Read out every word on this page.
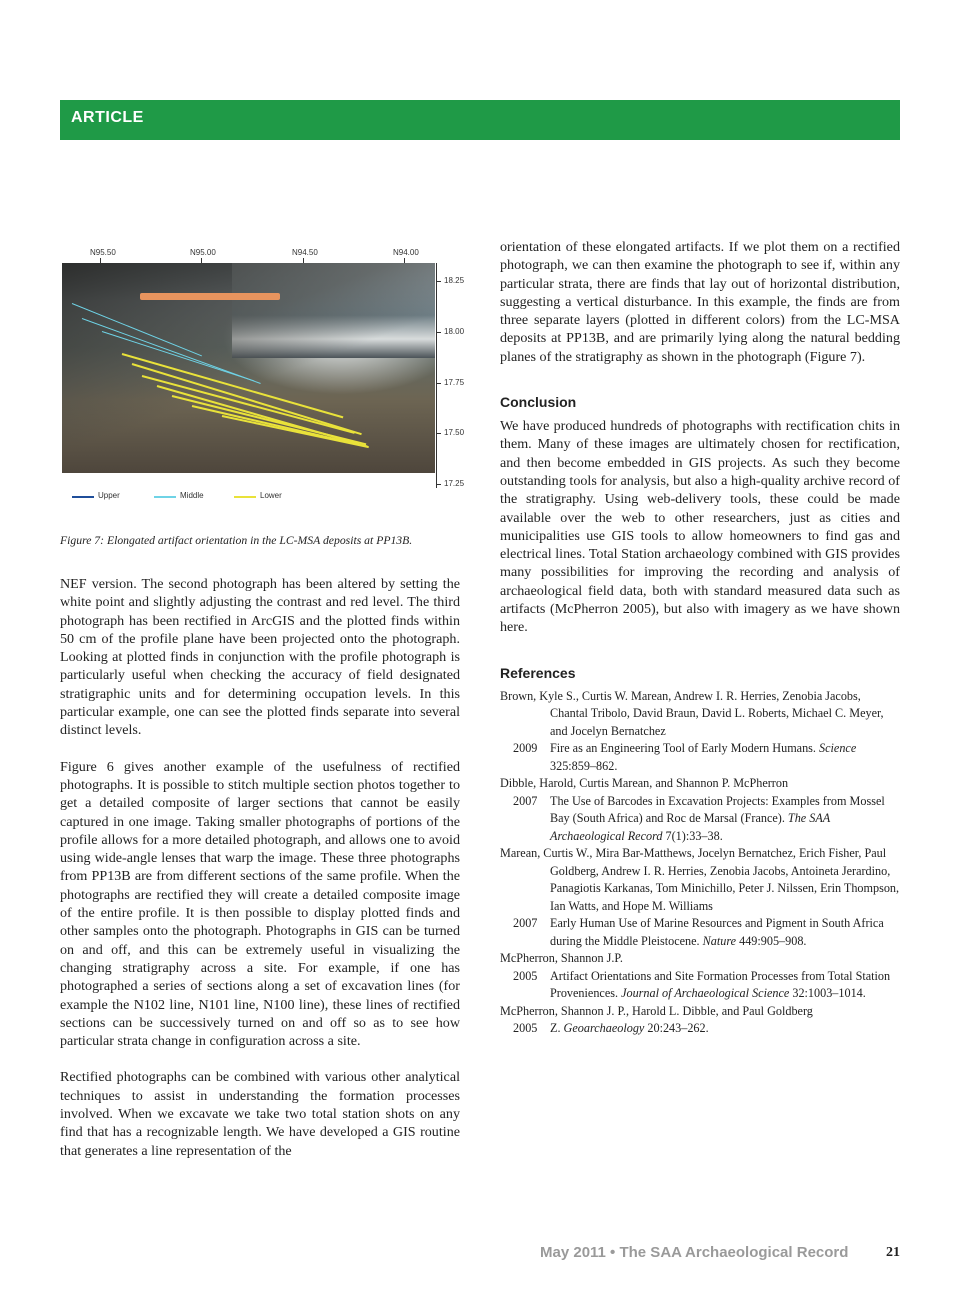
ARTICLE
N95.50	N95.00	N94.50	N94.00
18.25
18.00
17.75
17.50
17.25
Upper	Middle	Lower
Figure 7: Elongated artifact orientation in the LC-MSA deposits at PP13B.

NEF version. The second photograph has been altered by setting the white point and slightly adjusting the contrast and red level. The third photograph has been rectified in ArcGIS and the plotted finds within 50 cm of the profile plane have been projected onto the photograph. Looking at plotted finds in conjunction with the profile photograph is particularly useful when checking the accuracy of field designated stratigraphic units and for determining occupation levels. In this particular example, one can see the plotted finds separate into several distinct levels.

Figure 6 gives another example of the usefulness of rectified photographs. It is possible to stitch multiple section photos together to get a detailed composite of larger sections that cannot be easily captured in one image. Taking smaller photographs of portions of the profile allows for a more detailed photograph, and allows one to avoid using wide-angle lenses that warp the image. These three photographs from PP13B are from different sections of the same profile. When the photographs are rectified they will create a detailed composite image of the entire profile. It is then possible to display plotted finds and other samples onto the photograph. Photographs in GIS can be turned on and off, and this can be extremely useful in visualizing the changing stratigraphy across a site. For example, if one has photographed a series of sections along a set of excavation lines (for example the N102 line, N101 line, N100 line), these lines of rectified sections can be successively turned on and off so as to see how particular strata change in configuration across a site.

Rectified photographs can be combined with various other analytical techniques to assist in understanding the formation processes involved. When we excavate we take two total station shots on any find that has a recognizable length. We have developed a GIS routine that generates a line representation of the

orientation of these elongated artifacts. If we plot them on a rectified photograph, we can then examine the photograph to see if, within any particular strata, there are finds that lay out of horizontal distribution, suggesting a vertical disturbance. In this example, the finds are from three separate layers (plotted in different colors) from the LC-MSA deposits at PP13B, and are primarily lying along the natural bedding planes of the stratigraphy as shown in the photograph (Figure 7).

Conclusion

We have produced hundreds of photographs with rectification chits in them. Many of these images are ultimately chosen for rectification, and then become embedded in GIS projects. As such they become outstanding tools for analysis, but also a high-quality archive record of the stratigraphy. Using web-delivery tools, these could be made available over the web to other researchers, just as cities and municipalities use GIS tools to allow homeowners to find gas and electrical lines. Total Station archaeology combined with GIS provides many possibilities for improving the recording and analysis of archaeological field data, both with standard measured data such as artifacts (McPherron 2005), but also with imagery as we have shown here.

References
Brown, Kyle S., Curtis W. Marean, Andrew I. R. Herries, Zenobia Jacobs, Chantal Tribolo, David Braun, David L. Roberts, Michael C. Meyer, and Jocelyn Bernatchez
2009 Fire as an Engineering Tool of Early Modern Humans. Science 325:859–862.
Dibble, Harold, Curtis Marean, and Shannon P. McPherron
2007 The Use of Barcodes in Excavation Projects: Examples from Mossel Bay (South Africa) and Roc de Marsal (France). The SAA Archaeological Record 7(1):33–38.
Marean, Curtis W., Mira Bar-Matthews, Jocelyn Bernatchez, Erich Fisher, Paul Goldberg, Andrew I. R. Herries, Zenobia Jacobs, Antoineta Jerardino, Panagiotis Karkanas, Tom Minichillo, Peter J. Nilssen, Erin Thompson, Ian Watts, and Hope M. Williams
2007 Early Human Use of Marine Resources and Pigment in South Africa during the Middle Pleistocene. Nature 449:905–908.
McPherron, Shannon J.P.
2005 Artifact Orientations and Site Formation Processes from Total Station Proveniences. Journal of Archaeological Science 32:1003–1014.
McPherron, Shannon J. P., Harold L. Dibble, and Paul Goldberg
2005 Z. Geoarchaeology 20:243–262.
May 2011 • The SAA Archaeological Record	21
